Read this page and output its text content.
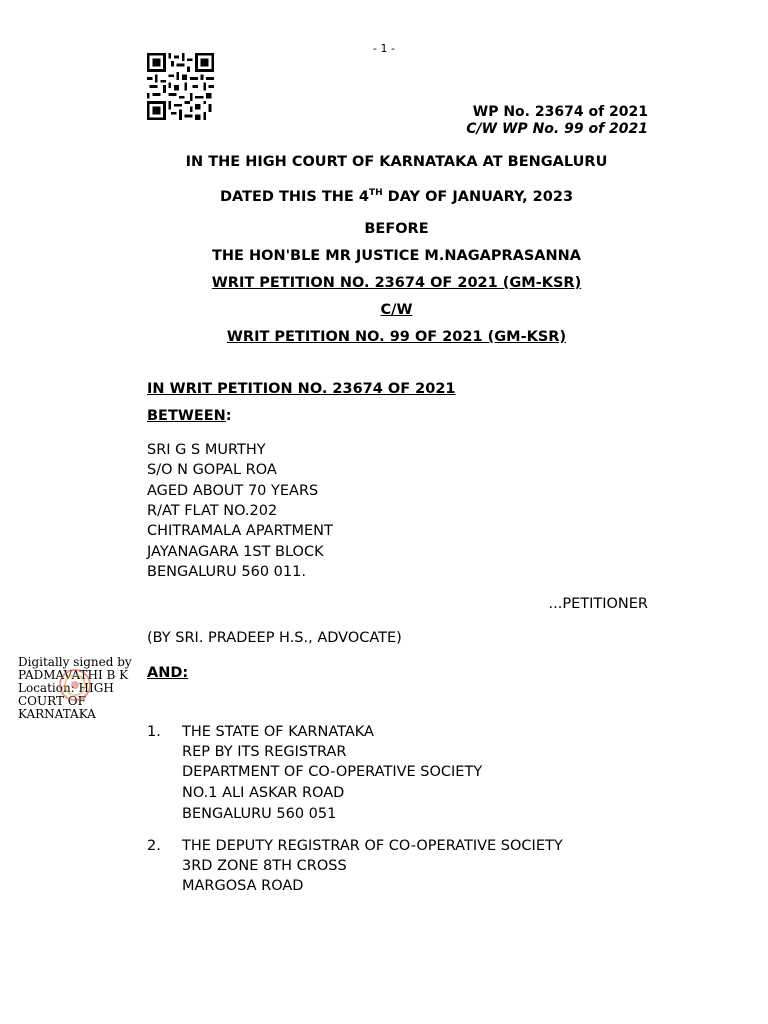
- 1 -
WP No. 23674 of 2021
C/W WP No. 99 of 2021
IN THE HIGH COURT OF KARNATAKA AT BENGALURU
DATED THIS THE 4TH DAY OF JANUARY, 2023
BEFORE
THE HON'BLE MR JUSTICE M.NAGAPRASANNA
WRIT PETITION NO. 23674 OF 2021 (GM-KSR)
C/W
WRIT PETITION NO. 99 OF 2021 (GM-KSR)
IN WRIT PETITION NO. 23674 OF 2021
BETWEEN:
SRI G S MURTHY
S/O N GOPAL ROA
AGED ABOUT 70 YEARS
R/AT FLAT NO.202
CHITRAMALA APARTMENT
JAYANAGARA 1ST BLOCK
BENGALURU 560 011.
...PETITIONER
(BY SRI. PRADEEP H.S., ADVOCATE)
Digitally signed by
PADMAVATHI B K
Location: HIGH
COURT OF
KARNATAKA
AND:
1. THE STATE OF KARNATAKA
REP BY ITS REGISTRAR
DEPARTMENT OF CO-OPERATIVE SOCIETY
NO.1 ALI ASKAR ROAD
BENGALURU 560 051
2. THE DEPUTY REGISTRAR OF CO-OPERATIVE SOCIETY
3RD ZONE 8TH CROSS
MARGOSA ROAD
